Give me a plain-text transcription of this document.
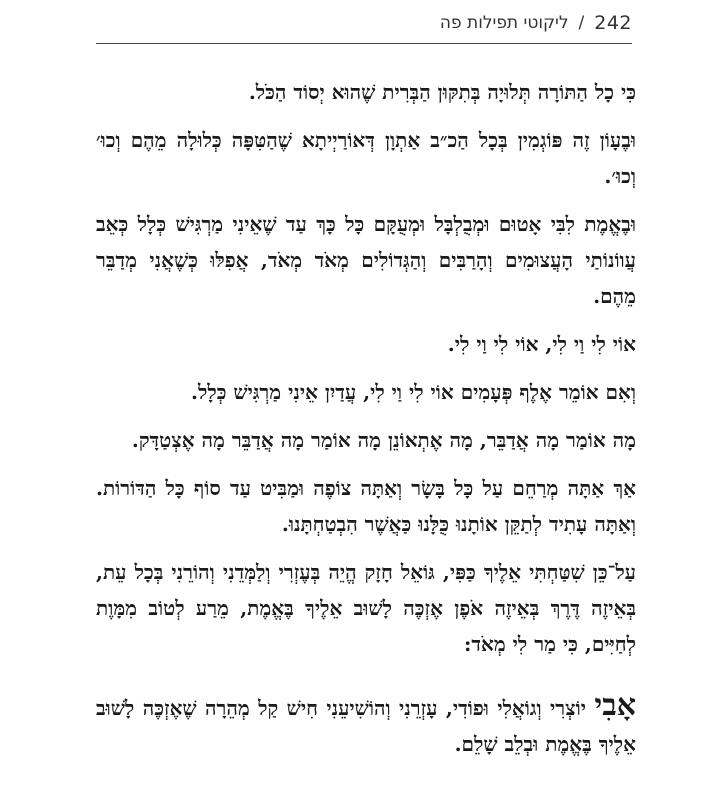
242
/
ליקוטי תפילות פה

כִּי כָל הַתּוֹרָה תְּלוּיָה בְּתִקּוּן הַבְּרִית שֶׁהוּא יְסוֹד הַכֹּל.

וּבֶעָוֹן זֶה פּוֹגְמִין בְּכָל הַכ״ב אַתְוָן דְּאוֹרַיְיתָא שֶׁהַטִּפָּה כְּלוּלָה מֵהֶם וְכוּ׳ וְכוּ׳.

וּבֶאֱמֶת לִבִּי אָטוּם וּמְבֻלְבָּל וּמְעֻקָּם כָּל כָּךְ עַד שֶׁאֵינִי מַרְגִּישׁ כְּלָל כְּאֵב עֲווֹנוֹתַי הָעֲצוּמִים וְהָרַבִּים וְהַגְּדוֹלִים מְאֹד מְאֹד, אֲפִלּוּ כְּשֶׁאֲנִי מְדַבֵּר מֵהֶם.

אוֹי לִי וַי לִי, אוֹי לִי וַי לִי.

וְאִם אוֹמֵר אֶלֶף פְּעָמִים אוֹי לִי וַי לִי, עֲדַיִן אֵינִי מַרְגִּישׁ כְּלָל.

מָה אוֹמַר מָה אֲדַבֵּר, מָה אֶתְאוֹנֵן מָה אוֹמַר מָה אֲדַבֵּר מָה אֶצְטַדָּק.

אַךְ אַתָּה מְרַחֵם עַל כָּל בָּשָׂר וְאַתָּה צוֹפֶה וּמַבִּיט עַד סוֹף כָּל הַדּוֹרוֹת. וְאַתָּה עָתִיד לְתַקֵּן אוֹתָנוּ כֻּלָּנוּ כַּאֲשֶׁר הִבְטַחְתָּנוּ.

עַל־כֵּן שִׁטַּחְתִּי אֵלֶיךָ כַּפִּי, גּוֹאֵל חָזָק הֱיֵה בְּעֶזְרִי וְלַמְּדֵנִי וְהוֹרֵנִי בְּכָל עֵת, בְּאֵיזֶה דֶּרֶךְ בְּאֵיזֶה אֹפֶן אֶזְכֶּה לָשׁוּב אֵלֶיךָ בֶּאֱמֶת, מֵרַע לְטוֹב מִמָּוֶת לְחַיִּים, כִּי מַר לִי מְאֹד:

אָבִי יוֹצְרִי וְגוֹאֲלִי וּפוֹדִי, עָזְרֵנִי וְהוֹשִׁיעֵנִי חִישׁ קַל מְהֵרָה שֶׁאֶזְכֶּה לָשׁוּב אֵלֶיךָ בֶּאֱמֶת וּבְלֵב שָׁלֵם.
